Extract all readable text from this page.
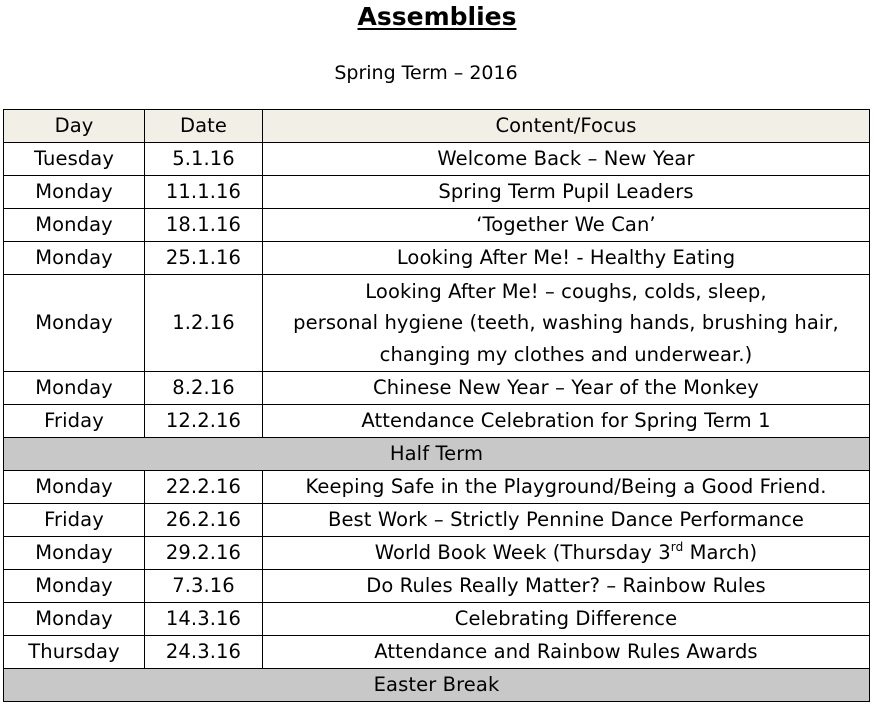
Assemblies
Spring Term – 2016
Day	Date	Content/Focus
Tuesday	5.1.16	Welcome Back – New Year
Monday	11.1.16	Spring Term Pupil Leaders
Monday	18.1.16	‘Together We Can’
Monday	25.1.16	Looking After Me! - Healthy Eating
Monday	1.2.16	Looking After Me! – coughs, colds, sleep,
personal hygiene (teeth, washing hands, brushing hair,
changing my clothes and underwear.)
Monday	8.2.16	Chinese New Year – Year of the Monkey
Friday	12.2.16	Attendance Celebration for Spring Term 1
Half Term		
Monday	22.2.16	Keeping Safe in the Playground/Being a Good Friend.
Friday	26.2.16	Best Work – Strictly Pennine Dance Performance
Monday	29.2.16	World Book Week (Thursday 3rd March)
Monday	7.3.16	Do Rules Really Matter? – Rainbow Rules
Monday	14.3.16	Celebrating Difference
Thursday	24.3.16	Attendance and Rainbow Rules Awards
Easter Break		
